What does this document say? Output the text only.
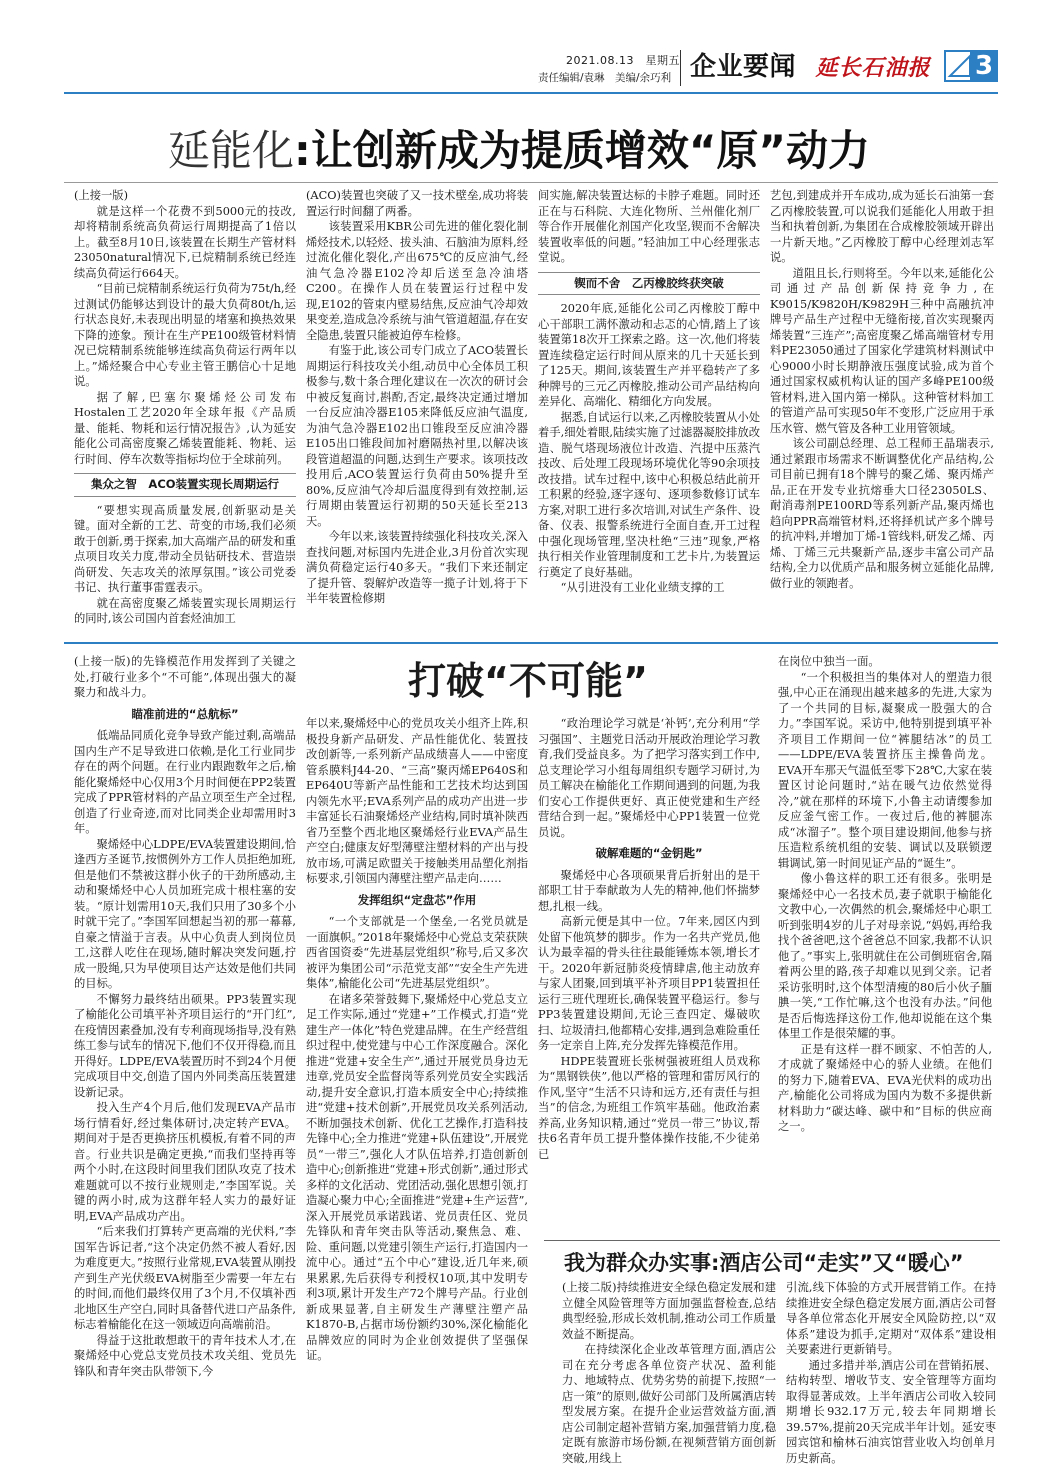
2021.08.13　星期五
责任编辑/袁琳　美编/余巧利 企业要闻 延长石油报	3
延能化:让创新成为提质增效“原”动力

(上接一版)

就是这样一个花费不到5000元的技改,却将精制系统高负荷运行周期提高了1倍以上。截至8月10日,该装置在长期生产管材料23050natural情况下,已烷精制系统已经连续高负荷运行664天。

“目前已烷精制系统运行负荷为75t/h,经过测试仍能够达到设计的最大负荷80t/h,运行状态良好,未表现出明显的堵塞和换热效果下降的迹象。预计在生产PE100级管材料情况已烷精制系统能够连续高负荷运行两年以上。”烯烃聚合中心专业主管王鹏信心十足地说。

据了解,巴塞尔聚烯烃公司发布Hostalen工艺2020年全球年报《产品质量、能耗、物耗和运行情况报告》,认为延安能化公司高密度聚乙烯装置能耗、物耗、运行时间、停车次数等指标均位于全球前列。

集众之智　ACO装置实现长周期运行

“要想实现高质量发展,创新驱动是关键。面对全新的工艺、苛变的市场,我们必须敢于创新,勇于探索,加大高端产品的研发和重点项目攻关力度,带动全员钻研技术、营造崇尚研发、矢志攻关的浓厚氛围。”该公司党委书记、执行董事雷霆表示。

就在高密度聚乙烯装置实现长周期运行的同时,该公司国内首套烃油加工

(ACO)装置也突破了又一技术壁垒,成功将装置运行时间翻了两番。

该装置采用KBR公司先进的催化裂化制烯烃技术,以轻烃、拔头油、石脑油为原料,经过流化催化裂化,产出675℃的反应油气,经油气急冷器E102冷却后送至急冷油塔C200。在操作人员在装置运行过程中发现,E102的管束内壁易结焦,反应油气冷却效果变差,造成急冷系统与油气管道超温,存在安全隐患,装置只能被迫停车检修。

有鉴于此,该公司专门成立了ACO装置长周期运行科技攻关小组,动员中心全体员工积极参与,数十条合理化建议在一次次的研讨会中被反复商讨,斟酌,否定,最终决定通过增加一台反应油冷器E105来降低反应油气温度,为油气急冷器E102出口锥段至反应油冷器E105出口锥段间加衬磨隔热衬里,以解决该段管道超温的问题,达到生产要求。该项技改投用后,ACO装置运行负荷由50%提升至80%,反应油气冷却后温度得到有效控制,运行周期由装置运行初期的50天延长至213天。

今年以来,该装置持续强化科技攻关,深入查找问题,对标国内先进企业,3月份首次实现满负荷稳定运行40多天。“我们下来还制定了提升管、裂解炉改造等一揽子计划,将于下半年装置检修期

间实施,解决装置达标的卡脖子难题。同时还正在与石科院、大连化物所、兰州催化剂厂等合作开展催化剂国产化攻坚,锲而不舍解决装置收率低的问题。”轻油加工中心经理张志堂说。

锲而不舍　乙丙橡胶终获突破

2020年底,延能化公司乙丙橡胶丁醇中心干部职工满怀激动和忐忑的心情,踏上了该装置第18次开工探索之路。这一次,他们将装置连续稳定运行时间从原来的几十天延长到了125天。期间,该装置生产并平稳转产了多种牌号的三元乙丙橡胶,推动公司产品结构向差异化、高端化、精细化方向发展。

据悉,自试运行以来,乙丙橡胶装置从小处着手,细处着眼,陆续实施了过滤器凝胶排放改造、脱气塔现场液位计改造、汽提中压蒸汽技改、后处理工段现场环境优化等90余项技改技措。试车过程中,该中心积极总结此前开工积累的经验,逐字逐句、逐项参数修订试车方案,对职工进行多次培训,对试生产条件、设备、仪表、报警系统进行全面自查,开工过程中强化现场管理,坚决杜绝“三违”现象,严格执行相关作业管理制度和工艺卡片,为装置运行奠定了良好基础。

“从引进没有工业化业绩支撑的工

艺包,到建成并开车成功,成为延长石油第一套乙丙橡胶装置,可以说我们延能化人用敢于担当和执着创新,为集团在合成橡胶领域开辟出一片新天地。”乙丙橡胶丁醇中心经理刘志军说。

道阻且长,行则将至。今年以来,延能化公司通过产品创新保持竞争力,在K9015/K9820H/K9829H三种中高融抗冲牌号产品生产过程中无缝衔接,首次实现聚丙烯装置“三连产”;高密度聚乙烯高端管材专用料PE23050通过了国家化学建筑材料测试中心9000小时长期静液压强度试验,成为首个通过国家权威机构认证的国产多峰PE100级管材料,进入国内第一梯队。这种管材料加工的管道产品可实现50年不变形,广泛应用于承压水管、燃气管及各种工业用管领域。

该公司副总经理、总工程师王晶瑞表示,通过紧跟市场需求不断调整优化产品结构,公司目前已拥有18个牌号的聚乙烯、聚丙烯产品,正在开发专业抗熔垂大口径23050LS、耐消毒剂PE100RD等系列新产品,聚丙烯也趋向PPR高端管材料,还将择机试产多个牌号的抗冲料,并增加丁烯-1管线料,研发乙烯、丙烯、丁烯三元共聚新产品,逐步丰富公司产品结构,全力以优质产品和服务树立延能化品牌,做行业的领跑者。

打破“不可能”

(上接一版)的先锋模范作用发挥到了关键之处,打破行业多个“不可能”,体现出强大的凝聚力和战斗力。

瞄准前进的“总航标”

低端品同质化竞争导致产能过剩,高端品国内生产不足导致进口依赖,是化工行业同步存在的两个问题。在行业内跟跑数年之后,榆能化聚烯烃中心仅用3个月时间便在PP2装置完成了PPR管材料的产品立项至生产全过程,创造了行业奇迹,而对比同类企业却需用时3年。

聚烯烃中心LDPE/EVA装置建设期间,恰逢西方圣诞节,按惯例外方工作人员拒绝加班,但是他们不禁被这群小伙子的干劲所感动,主动和聚烯烃中心人员加班完成十根柱塞的安装。“原计划需用10天,我们只用了30多个小时就干完了。”李国军回想起当初的那一幕幕,自豪之情溢于言表。从中心负责人到岗位员工,这群人吃住在现场,随时解决突发问题,拧成一股绳,只为早使项目达产达效是他们共同的目标。

不懈努力最终结出硕果。PP3装置实现了榆能化公司填平补齐项目运行的“开门红”,在疫情因素叠加,没有专利商现场指导,没有熟练工参与试车的情况下,他们不仅开得稳,而且开得好。LDPE/EVA装置历时不到24个月便完成项目中交,创造了国内外同类高压装置建设新记录。

投入生产4个月后,他们发现EVA产品市场行情看好,经过集体研讨,决定转产EVA。期间对于是否更换挤压机模板,有着不同的声音。行业共识是确定更换,“而我们坚持再等两个小时,在这段时间里我们团队攻克了技术难题就可以不按行业规则走,”李国军说。关键的两小时,成为这群年轻人实力的最好证明,EVA产品成功产出。

“后来我们打算转产更高端的光伏料,”李国军告诉记者,“这个决定仍然不被人看好,因为难度更大。”按照行业常规,EVA装置从刚投产到生产光伏级EVA树脂至少需要一年左右的时间,而他们最终仅用了3个月,不仅填补西北地区生产空白,同时具备替代进口产品条件,标志着榆能化在这一领域迈向高端前沿。

得益于这批敢想敢干的青年技术人才,在聚烯烃中心党总支党员技术攻关组、党员先锋队和青年突击队带领下,今

年以来,聚烯烃中心的党员攻关小组齐上阵,积极投身新产品研发、产品性能优化、装置技改创新等,一系列新产品成绩喜人——中密度管系膜料J44-20、“三高”聚丙烯EP640S和EP640U等新产品性能和工艺技术均达到国内领先水平;EVA系列产品的成功产出进一步丰富延长石油聚烯烃产业结构,同时填补陕西省乃至整个西北地区聚烯烃行业EVA产品生产空白;健康友好型薄壁注塑材料的产出与投放市场,可满足欧盟关于接触类用品塑化剂指标要求,引领国内薄壁注塑产品走向……

发挥组织“定盘芯”作用

“一个支部就是一个堡垒,一名党员就是一面旗帜。”2018年聚烯烃中心党总支荣获陕西省国资委“先进基层党组织”称号,后又多次被评为集团公司“示范党支部”“安全生产先进集体”,榆能化公司“先进基层党组织”。

在诸多荣誉鼓舞下,聚烯烃中心党总支立足工作实际,通过“党建+”工作模式,打造“党建生产一体化”特色党建品牌。在生产经营组织过程中,使党建与中心工作深度融合。深化推进“党建+安全生产”,通过开展党员身边无违章,党员安全监督岗等系列党员安全实践活动,提升安全意识,打造本质安全中心;持续推进“党建+技术创新”,开展党员攻关系列活动,不断加强技术创新、优化工艺操作,打造科技先锋中心;全力推进“党建+队伍建设”,开展党员“一带三”,强化人才队伍培养,打造创新创造中心;创新推进“党建+形式创新”,通过形式多样的文化活动、党团活动,强化思想引领,打造凝心聚力中心;全面推进“党建+生产运营”,深入开展党员承诺践诺、党员责任区、党员先锋队和青年突击队等活动,聚焦急、难、险、重问题,以党建引领生产运行,打造国内一流中心。通过“五个中心”建设,近几年来,硕果累累,先后获得专利授权10项,其中发明专利3项,累计开发生产72个牌号产品。行业创新成果显著,自主研发生产薄壁注塑产品K1870-B,占据市场份额约30%,深化榆能化品牌效应的同时为企业创效提供了坚强保证。

“政治理论学习就是‘补钙’,充分利用“学习强国”、主题党日活动开展政治理论学习教育,我们受益良多。为了把学习落实到工作中,总支理论学习小组每周组织专题学习研讨,为员工解决在榆能化工作期间遇到的问题,为我们安心工作提供更好、真正使党建和生产经营结合到一起。”聚烯烃中心PP1装置一位党员说。

破解难题的“金钥匙”

聚烯烃中心各项硕果背后折射出的是干部职工甘于奉献敢为人先的精神,他们怀揣梦想,扎根一线。

高新元便是其中一位。7年来,园区内到处留下他筑梦的脚步。作为一名共产党员,他认为最幸福的骨头往往最能锤炼本领,增长才干。2020年新冠肺炎疫情肆虐,他主动放弃与家人团聚,回到填平补齐项目PP1装置担任运行三班代理班长,确保装置平稳运行。参与PP3装置建设期间,无论三查四定、爆破吹扫、垃圾清扫,他都精心安排,遇到急难险重任务一定亲自上阵,充分发挥先锋模范作用。

HDPE装置班长张树强被班组人员戏称为“黑钢铁侠”,他以严格的管理和雷厉风行的作风,坚守“生活不只诗和远方,还有责任与担当”的信念,为班组工作筑牢基础。他政治素养高,业务知识精,通过“党员一带三”协议,帮扶6名青年员工提升整体操作技能,不少徒弟已

在岗位中独当一面。

“一个积极担当的集体对人的塑造力很强,中心正在涌现出越来越多的先进,大家为了一个共同的目标,凝聚成一股强大的合力。”李国军说。采访中,他特别提到填平补齐项目工作期间一位“裤腿结冰”的员工——LDPE/EVA装置挤压主操鲁尚龙。EVA开车那天气温低至零下28℃,大家在装置区讨论问题时,“站在暖气边依然觉得冷,”就在那样的环境下,小鲁主动请缨参加反应釜气密工作。一夜过后,他的裤腿冻成“冰溜子”。整个项目建设期间,他参与挤压造粒系统机组的安装、调试以及联锁逻辑调试,第一时间见证产品的“诞生”。

像小鲁这样的职工还有很多。张明是聚烯烃中心一名技术员,妻子就职于榆能化文教中心,一次偶然的机会,聚烯烃中心职工听到张明4岁的儿子对母亲说,“妈妈,再给我找个爸爸吧,这个爸爸总不回家,我都不认识他了。”事实上,张明就住在公司倒班宿舍,隔着两公里的路,孩子却难以见到父亲。记者采访张明时,这个体型清瘦的80后小伙子腼腆一笑,“工作忙嘛,这个也没有办法。”问他是否后悔选择这份工作,他却说能在这个集体里工作是很荣耀的事。

正是有这样一群不顾家、不怕苦的人,才成就了聚烯烃中心的骄人业绩。在他们的努力下,随着EVA、EVA光伏料的成功出产,榆能化公司将成为国内为数不多提供新材料助力“碳达峰、碳中和”目标的供应商之一。

我为群众办实事:酒店公司“走实”又“暖心”

(上接二版)持续推进安全绿色稳定发展和建立健全风险管理等方面加强监督检查,总结典型经验,形成长效机制,推动公司工作质量效益不断提高。

在持续深化企业改革管理方面,酒店公司在充分考虑各单位资产状况、盈利能力、地域特点、优势劣势的前提下,按照“一店一策”的原则,做好公司部门及所属酒店转型发展方案。在提升企业运营效益方面,酒店公司制定超补营销方案,加强营销力度,稳定既有旅游市场份额,在视频营销方面创新突破,用线上

引流,线下体验的方式开展营销工作。在持续推进安全绿色稳定发展方面,酒店公司督导各单位常态化开展安全风险防控,以“双体系”建设为抓手,定期对“双体系”建设相关要素进行更新销号。

通过多措并举,酒店公司在营销拓展、结构转型、增收节支、安全管理等方面均取得显著成效。上半年酒店公司收入较同期增长932.17万元,较去年同期增长39.57%,提前20天完成半年计划。延安枣园宾馆和榆林石油宾馆营业收入均创单月历史新高。
